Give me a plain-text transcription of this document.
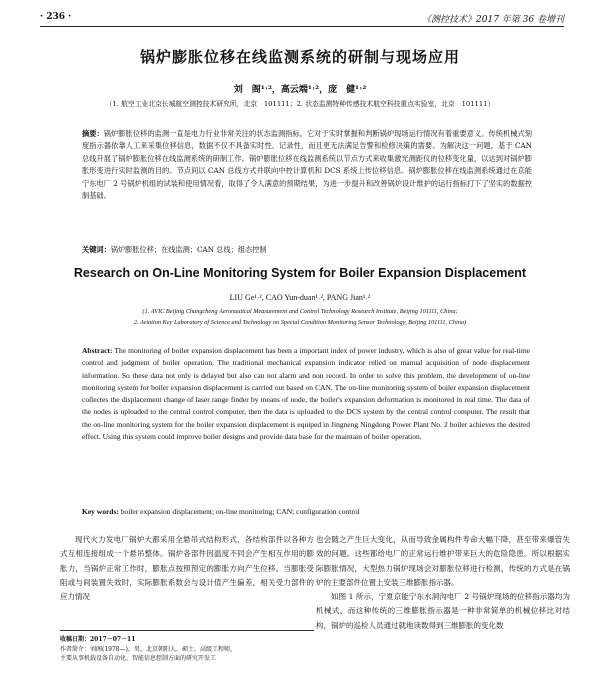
· 236 ·	《测控技术》2017 年第 36 卷增刊
锅炉膨胀位移在线监测系统的研制与现场应用
刘　阁¹˒²，高云端¹˒²，庞　健¹˒²
（1. 航空工业北京长城航空测控技术研究所，北京　101111；2. 状态监测特种传感技术航空科技重点实验室，北京　101111）

摘要：锅炉膨胀位移的监测一直是电力行业非常关注的状态监测指标，它对于实时掌握和判断锅炉现场运行情况有着重要意义。传统机械式刻度指示器依靠人工来采集位移信息，数据不仅不具备实时性、记录性，而且更无法满足告警和检修决策的需要。为解决这一问题，基于 CAN 总线开展了锅炉膨胀位移在线监测系统的研制工作。锅炉膨胀位移在线监测系统以节点方式来收集激光测距仪的位移变化量，以达到对锅炉膨胀形变进行实时监测的目的。节点间以 CAN 总线方式并联向中控计算机和 DCS 系统上传位移信息。锅炉膨胀位移在线监测系统通过在京能宁东电厂 2 号锅炉机组的试装和使用情况看，取得了令人满意的预期结果，为进一步提升和改善锅炉设计维护的运行指标打下了坚实的数据控制基础。

关键词：锅炉膨胀位移；在线监测；CAN 总线；组态控制

Research on On-Line Monitoring System for Boiler Expansion Displacement
LIU Ge¹˒², CAO Yun-duan¹˒², PANG Jian¹˒²

(1. AVIC Beijing Changcheng Aeronautical Measurement and Control Technology Research Institute, Beijing 101111, China;
2. Aviation Key Laboratory of Science and Technology on Special Condition Monitoring Sensor Technology, Beijing 101111, China)

Abstract: The monitoring of boiler expansion displacement has been a important index of power industry, which is also of great value for real-time control and judgment of boiler operation. The traditional mechanical expansion indicator relied on manual acquisition of node displacement information. So these data not only is delayed but also can not alarm and non record. In order to solve this problem, the development of on-line monitoring system for boiler expansion displacement is carried out based on CAN. The on-line monitoring system of boiler expansion displacement collectes the displacement change of laser range finder by means of node, the boiler's expansion deformation is monitored in real time. The data of the nodes is uploaded to the central control computer, then the data is uploaded to the DCS system by the central control computer. The result that the on-line monitoring system for the boiler expansion displacement is equiped in Jingneng Ningdong Power Plant No. 2 boiler achieves the desired effect. Using this system could improve boiler designs and provide data base for the maintain of boiler operation.

Key words: boiler expansion displacement; on-line monitoring; CAN; configuration control

现代火力发电厂锅炉大都采用全悬吊式结构形式，各结构部件以各种方式互相连接组成一个悬吊整体。锅炉各部件因温度不同会产生相互作用的膨胀力，当锅炉正常工作时，膨胀点按照预定的膨胀方向产生位移。当膨胀受阻或与间装置失效时，实际膨胀系数会与设计值产生偏差，相关受力部件的应力情况

也会随之产生巨大变化，从而导致金属构件寿命大幅下降，甚至带来爆管失效的问题。这些都给电厂的正常运行维护带来巨大的危险隐患。所以根据实际膨胀情况，大型热力锅炉现场会对膨胀位移进行检测，传统的方式是在锅炉的主要部件位置上安装三维膨胀指示器。

如图 1 所示，宁夏京能宁东水洞沟电厂 2 号锅炉现场的位移指示器均为机械式，而这种传统的三维膨胀指示器是一种非常简单的机械位移比对结构，锅炉的巡检人员通过就地读数得到三维膨胀的变化数

收稿日期：2017－07－11
作者简介：刘阁(1978—)，男，北京朝阳人，硕士，高级工程师，
主要从事机载设备自动化、智能信息控制方面的研究开发工
